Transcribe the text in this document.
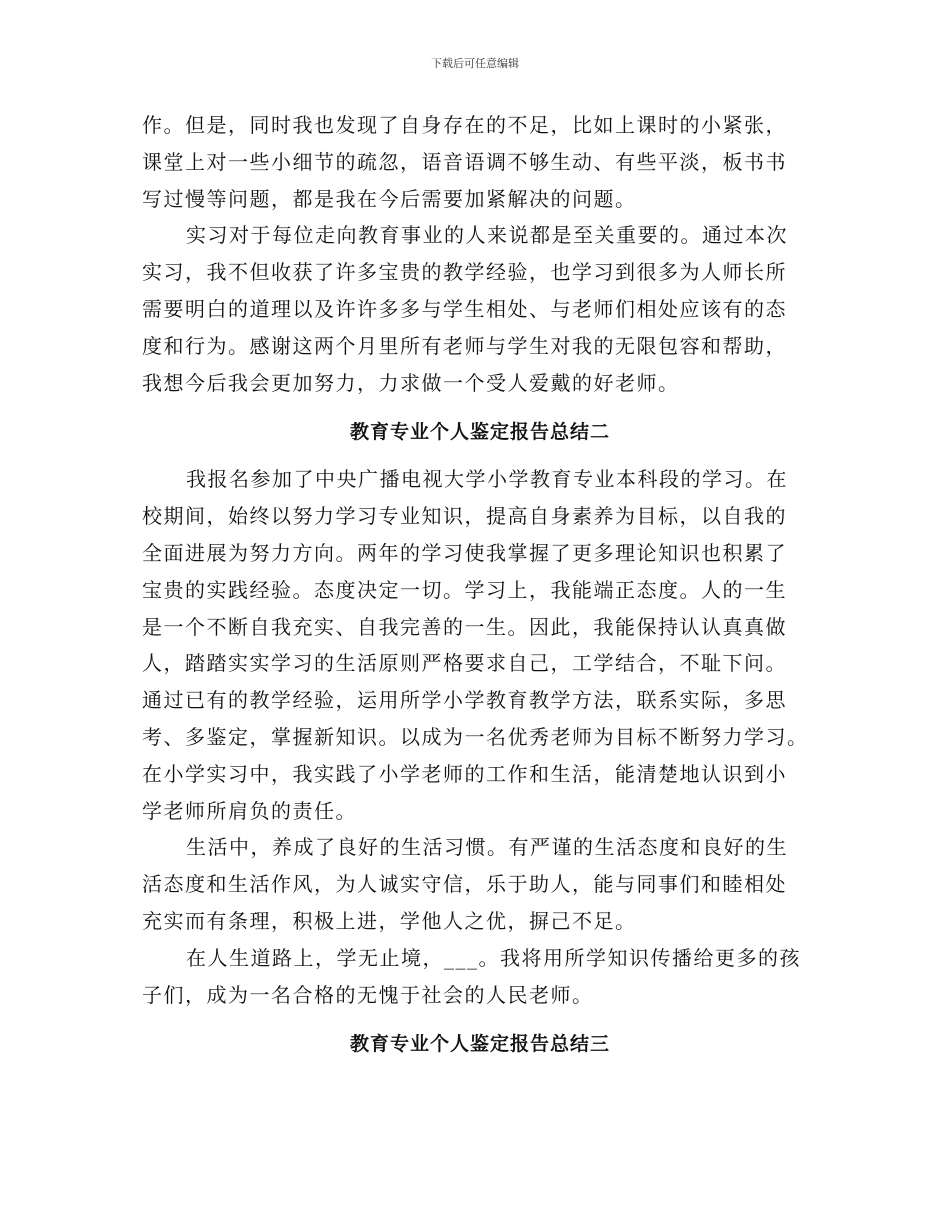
下载后可任意编辑
作。但是，同时我也发现了自身存在的不足，比如上课时的小紧张，
课堂上对一些小细节的疏忽，语音语调不够生动、有些平淡，板书书
写过慢等问题，都是我在今后需要加紧解决的问题。
实习对于每位走向教育事业的人来说都是至关重要的。通过本次
实习，我不但收获了许多宝贵的教学经验，也学习到很多为人师长所
需要明白的道理以及许许多多与学生相处、与老师们相处应该有的态
度和行为。感谢这两个月里所有老师与学生对我的无限包容和帮助，
我想今后我会更加努力，力求做一个受人爱戴的好老师。
教育专业个人鉴定报告总结二
我报名参加了中央广播电视大学小学教育专业本科段的学习。在
校期间，始终以努力学习专业知识，提高自身素养为目标，以自我的
全面进展为努力方向。两年的学习使我掌握了更多理论知识也积累了
宝贵的实践经验。态度决定一切。学习上，我能端正态度。人的一生
是一个不断自我充实、自我完善的一生。因此，我能保持认认真真做
人，踏踏实实学习的生活原则严格要求自己，工学结合，不耻下问。
通过已有的教学经验，运用所学小学教育教学方法，联系实际，多思
考、多鉴定，掌握新知识。以成为一名优秀老师为目标不断努力学习。
在小学实习中，我实践了小学老师的工作和生活，能清楚地认识到小
学老师所肩负的责任。
生活中，养成了良好的生活习惯。有严谨的生活态度和良好的生
活态度和生活作风，为人诚实守信，乐于助人，能与同事们和睦相处
充实而有条理，积极上进，学他人之优，摒己不足。
在人生道路上，学无止境，___。我将用所学知识传播给更多的孩
子们，成为一名合格的无愧于社会的人民老师。
教育专业个人鉴定报告总结三
